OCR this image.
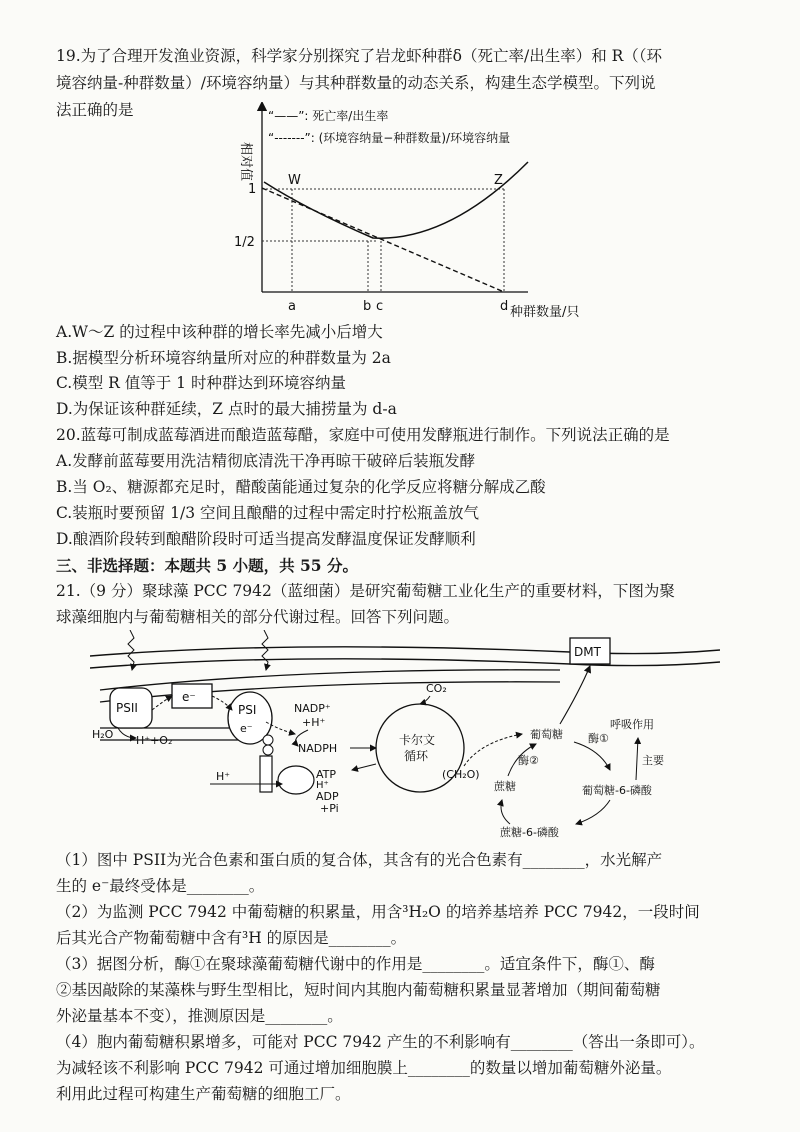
19.为了合理开发渔业资源，科学家分别探究了岩龙虾种群δ（死亡率/出生率）和 R（（环
境容纳量-种群数量）/环境容纳量）与其种群数量的动态关系，构建生态学模型。下列说
法正确的是
相对值
“——”: 死亡率/出生率
“-------”: (环境容纳量−种群数量)/环境容纳量
1
1/2
W	Z
a	b c	d 种群数量/只
A.W～Z 的过程中该种群的增长率先减小后增大
B.据模型分析环境容纳量所对应的种群数量为 2a
C.模型 R 值等于 1 时种群达到环境容纳量
D.为保证该种群延续，Z 点时的最大捕捞量为 d-a
20.蓝莓可制成蓝莓酒进而酿造蓝莓醋，家庭中可使用发酵瓶进行制作。下列说法正确的是
A.发酵前蓝莓要用洗洁精彻底清洗干净再晾干破碎后装瓶发酵
B.当 O₂、糖源都充足时，醋酸菌能通过复杂的化学反应将糖分解成乙酸
C.装瓶时要预留 1/3 空间且酿醋的过程中需定时拧松瓶盖放气
D.酿酒阶段转到酿醋阶段时可适当提高发酵温度保证发酵顺利
三、非选择题：本题共 5 小题，共 55 分。
21.（9 分）聚球藻 PCC 7942（蓝细菌）是研究葡萄糖工业化生产的重要材料，下图为聚
球藻细胞内与葡萄糖相关的部分代谢过程。回答下列问题。
DMT
PSII
e⁻
PSI
e⁻
H₂O H⁺+O₂
H⁺
NADP⁺
+H⁺
NADPH
ATP
H⁺
ADP
+Pi
卡尔文
循环
CO₂
(CH₂O)
葡萄糖 酶①
呼吸作用
主要
葡萄糖-6-磷酸
蔗糖-6-磷酸
蔗糖
酶②
（1）图中 PSII为光合色素和蛋白质的复合体，其含有的光合色素有________，水光解产
生的 e⁻最终受体是________。
（2）为监测 PCC 7942 中葡萄糖的积累量，用含³H₂O 的培养基培养 PCC 7942，一段时间
后其光合产物葡萄糖中含有³H 的原因是________。
（3）据图分析，酶①在聚球藻葡萄糖代谢中的作用是________。适宜条件下，酶①、酶
②基因敲除的某藻株与野生型相比，短时间内其胞内葡萄糖积累量显著增加（期间葡萄糖
外泌量基本不变），推测原因是________。
（4）胞内葡萄糖积累增多，可能对 PCC 7942 产生的不利影响有________（答出一条即可）。
为减轻该不利影响 PCC 7942 可通过增加细胞膜上________的数量以增加葡萄糖外泌量。
利用此过程可构建生产葡萄糖的细胞工厂。
